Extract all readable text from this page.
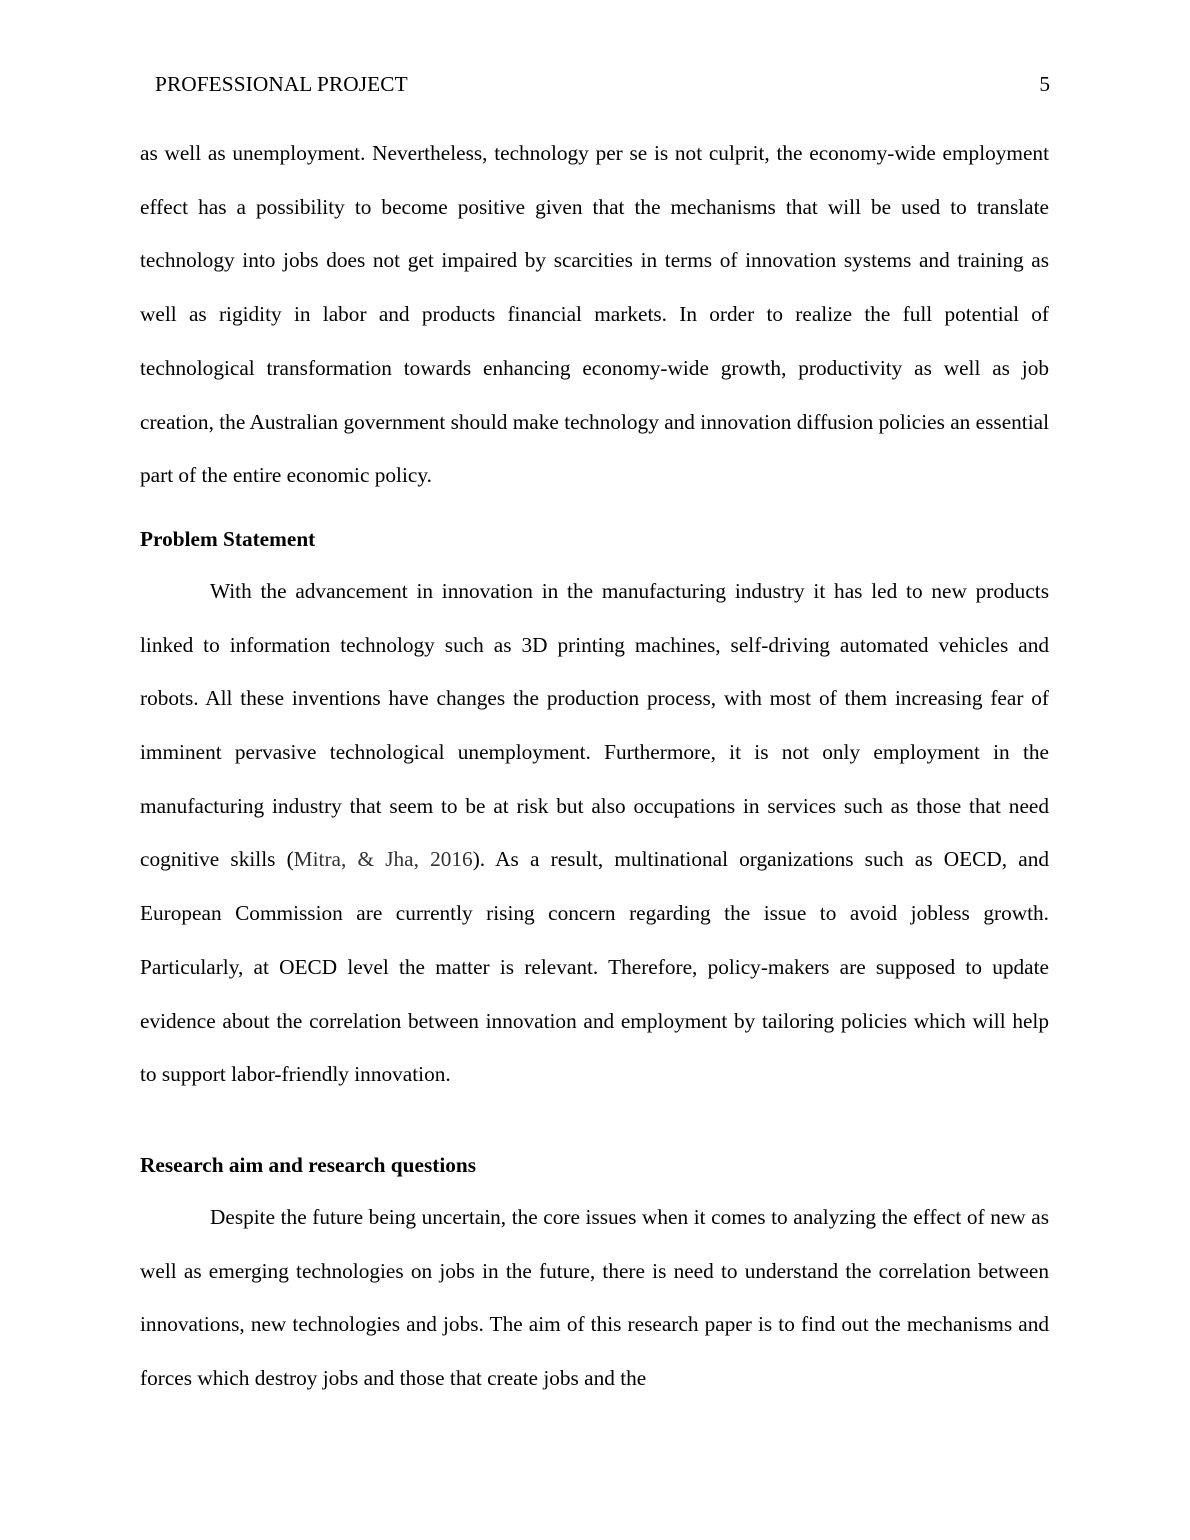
PROFESSIONAL PROJECT	5

as well as unemployment. Nevertheless, technology per se is not culprit, the economy-wide employment effect has a possibility to become positive given that the mechanisms that will be used to translate technology into jobs does not get impaired by scarcities in terms of innovation systems and training as well as rigidity in labor and products financial markets. In order to realize the full potential of technological transformation towards enhancing economy-wide growth, productivity as well as job creation, the Australian government should make technology and innovation diffusion policies an essential part of the entire economic policy.

Problem Statement

With the advancement in innovation in the manufacturing industry it has led to new products linked to information technology such as 3D printing machines, self-driving automated vehicles and robots. All these inventions have changes the production process, with most of them increasing fear of imminent pervasive technological unemployment. Furthermore, it is not only employment in the manufacturing industry that seem to be at risk but also occupations in services such as those that need cognitive skills (Mitra, & Jha, 2016). As a result, multinational organizations such as OECD, and European Commission are currently rising concern regarding the issue to avoid jobless growth. Particularly, at OECD level the matter is relevant. Therefore, policy-makers are supposed to update evidence about the correlation between innovation and employment by tailoring policies which will help to support labor-friendly innovation.

Research aim and research questions

Despite the future being uncertain, the core issues when it comes to analyzing the effect of new as well as emerging technologies on jobs in the future, there is need to understand the correlation between innovations, new technologies and jobs. The aim of this research paper is to find out the mechanisms and forces which destroy jobs and those that create jobs and the
